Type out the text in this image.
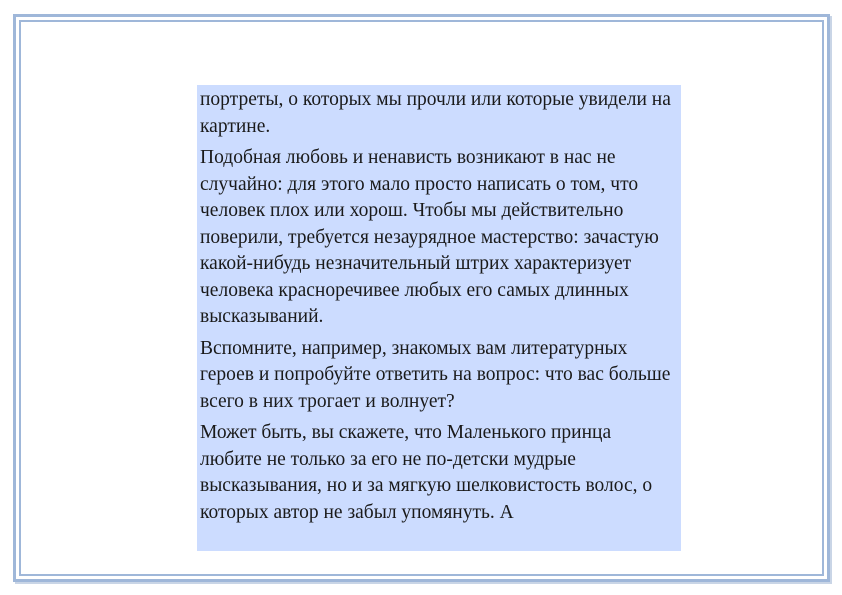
портреты, о которых мы прочли или которые увидели на картине.

Подобная любовь и ненависть возникают в нас не случайно: для этого мало просто написать о том, что человек плох или хорош. Чтобы мы действительно поверили, требуется незаурядное мастерство: зачастую какой-нибудь незначительный штрих характеризует человека красноречивее любых его самых длинных высказываний.

Вспомните, например, знакомых вам литературных героев и попробуйте ответить на вопрос: что вас больше всего в них трогает и волнует?

Может быть, вы скажете, что Маленького принца любите не только за его не по-детски мудрые высказывания, но и за мягкую шелковистость волос, о которых автор не забыл упомянуть. А
